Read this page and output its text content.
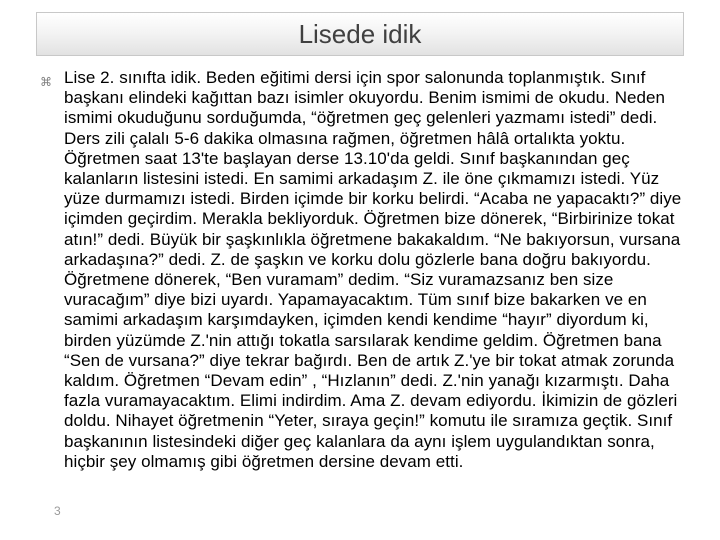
Lisede idik
⌘ Lise 2. sınıfta idik. Beden eğitimi dersi için spor salonunda toplanmıştık. Sınıf başkanı elindeki kağıttan bazı isimler okuyordu. Benim ismimi de okudu. Neden ismimi okuduğunu sorduğumda, “öğretmen geç gelenleri yazmamı istedi” dedi. Ders zili çalalı 5-6 dakika olmasına rağmen, öğretmen hâlâ ortalıkta yoktu. Öğretmen saat 13'te başlayan derse 13.10'da geldi. Sınıf başkanından geç kalanların listesini istedi. En samimi arkadaşım Z. ile öne çıkmamızı istedi. Yüz yüze durmamızı istedi. Birden içimde bir korku belirdi. “Acaba ne yapacaktı?” diye içimden geçirdim. Merakla bekliyorduk. Öğretmen bize dönerek, “Birbirinize tokat atın!” dedi. Büyük bir şaşkınlıkla öğretmene bakakaldım. “Ne bakıyorsun, vursana arkadaşına?” dedi. Z. de şaşkın ve korku dolu gözlerle bana doğru bakıyordu. Öğretmene dönerek, “Ben vuramam” dedim. “Siz vuramazsanız ben size vuracağım” diye bizi uyardı. Yapamayacaktım. Tüm sınıf bize bakarken ve en samimi arkadaşım karşımdayken, içimden kendi kendime “hayır” diyordum ki, birden yüzümde Z.'nin attığı tokatla sarsılarak kendime geldim. Öğretmen bana “Sen de vursana?” diye tekrar bağırdı. Ben de artık Z.'ye bir tokat atmak zorunda kaldım. Öğretmen “Devam edin” , “Hızlanın” dedi. Z.'nin yanağı kızarmıştı. Daha fazla vuramayacaktım. Elimi indirdim. Ama Z. devam ediyordu. İkimizin de gözleri doldu. Nihayet öğretmenin “Yeter, sıraya geçin!” komutu ile sıramıza geçtik. Sınıf başkanının listesindeki diğer geç kalanlara da aynı işlem uygulandıktan sonra, hiçbir şey olmamış gibi öğretmen dersine devam etti.
3
